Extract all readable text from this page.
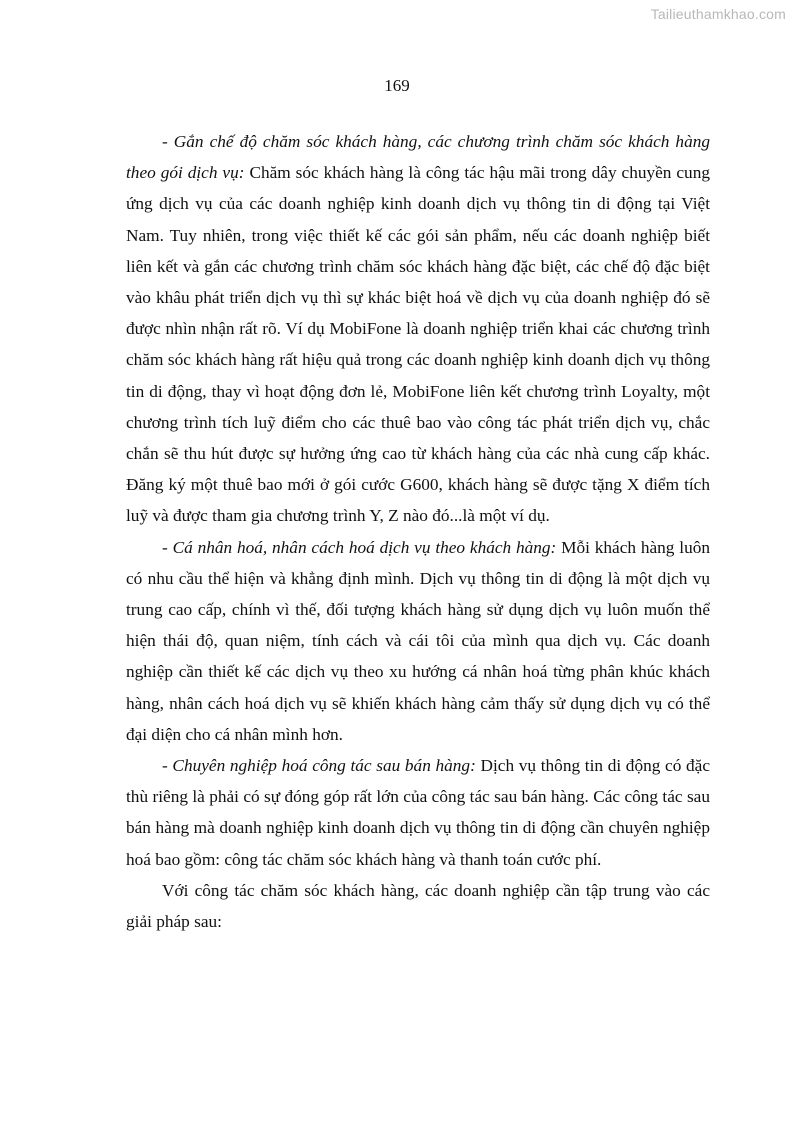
Tailieuthamkhao.com
169

- Gắn chế độ chăm sóc khách hàng, các chương trình chăm sóc khách hàng theo gói dịch vụ: Chăm sóc khách hàng là công tác hậu mãi trong dây chuyền cung ứng dịch vụ của các doanh nghiệp kinh doanh dịch vụ thông tin di động tại Việt Nam. Tuy nhiên, trong việc thiết kế các gói sản phẩm, nếu các doanh nghiệp biết liên kết và gắn các chương trình chăm sóc khách hàng đặc biệt, các chế độ đặc biệt vào khâu phát triển dịch vụ thì sự khác biệt hoá về dịch vụ của doanh nghiệp đó sẽ được nhìn nhận rất rõ. Ví dụ MobiFone là doanh nghiệp triển khai các chương trình chăm sóc khách hàng rất hiệu quả trong các doanh nghiệp kinh doanh dịch vụ thông tin di động, thay vì hoạt động đơn lẻ, MobiFone liên kết chương trình Loyalty, một chương trình tích luỹ điểm cho các thuê bao vào công tác phát triển dịch vụ, chắc chắn sẽ thu hút được sự hưởng ứng cao từ khách hàng của các nhà cung cấp khác. Đăng ký một thuê bao mới ở gói cước G600, khách hàng sẽ được tặng X điểm tích luỹ và được tham gia chương trình Y, Z nào đó...là một ví dụ.

- Cá nhân hoá, nhân cách hoá dịch vụ theo khách hàng: Mỗi khách hàng luôn có nhu cầu thể hiện và khẳng định mình. Dịch vụ thông tin di động là một dịch vụ trung cao cấp, chính vì thế, đối tượng khách hàng sử dụng dịch vụ luôn muốn thể hiện thái độ, quan niệm, tính cách và cái tôi của mình qua dịch vụ. Các doanh nghiệp cần thiết kế các dịch vụ theo xu hướng cá nhân hoá từng phân khúc khách hàng, nhân cách hoá dịch vụ sẽ khiến khách hàng cảm thấy sử dụng dịch vụ có thể đại diện cho cá nhân mình hơn.

- Chuyên nghiệp hoá công tác sau bán hàng: Dịch vụ thông tin di động có đặc thù riêng là phải có sự đóng góp rất lớn của công tác sau bán hàng. Các công tác sau bán hàng mà doanh nghiệp kinh doanh dịch vụ thông tin di động cần chuyên nghiệp hoá bao gồm: công tác chăm sóc khách hàng và thanh toán cước phí.

Với công tác chăm sóc khách hàng, các doanh nghiệp cần tập trung vào các giải pháp sau:
